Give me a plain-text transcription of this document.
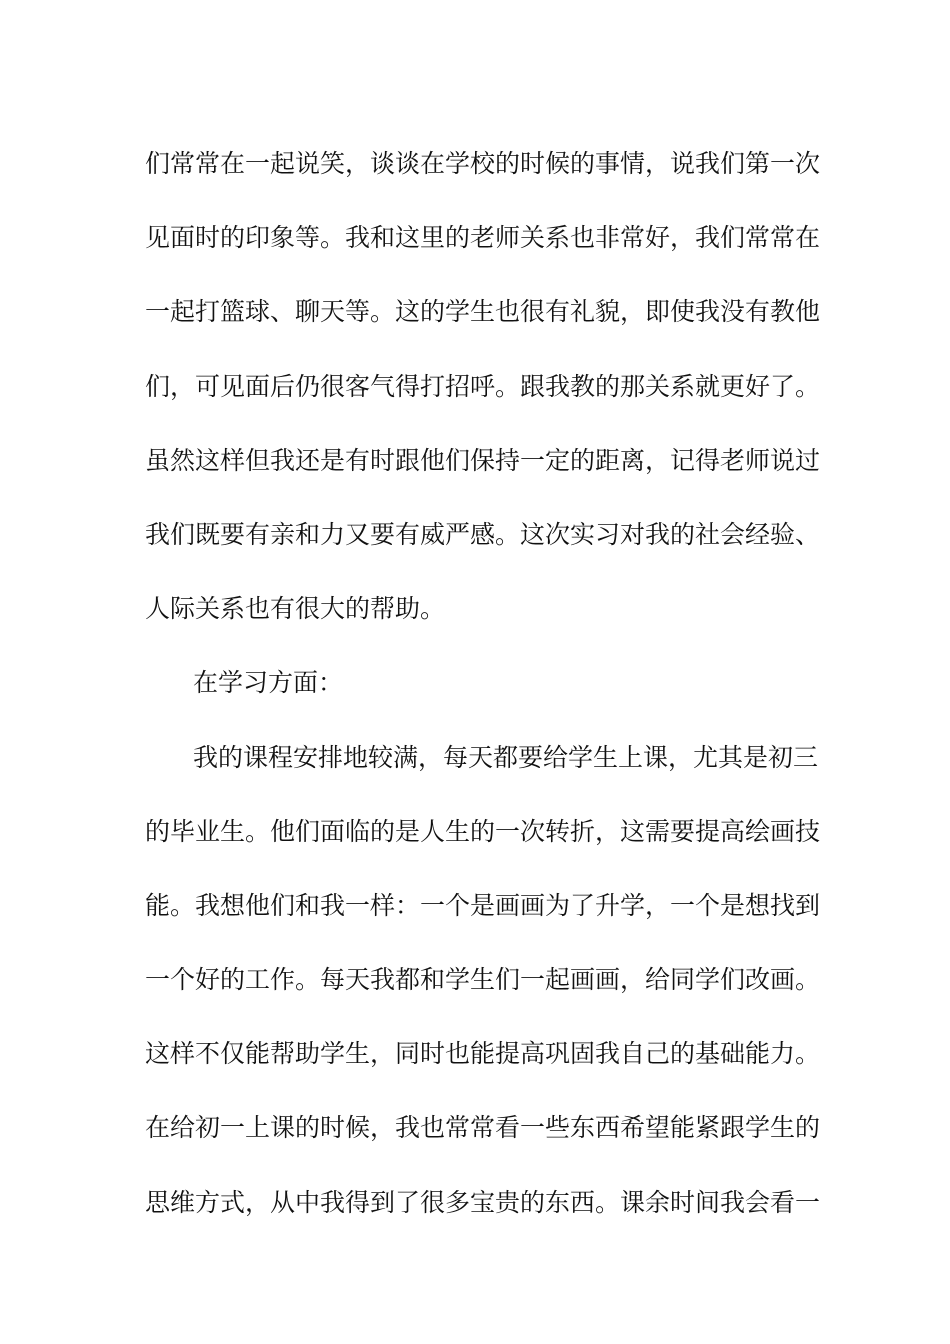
们常常在一起说笑，谈谈在学校的时候的事情，说我们第一次
见面时的印象等。我和这里的老师关系也非常好，我们常常在
一起打篮球、聊天等。这的学生也很有礼貌，即使我没有教他
们，可见面后仍很客气得打招呼。跟我教的那关系就更好了。
虽然这样但我还是有时跟他们保持一定的距离，记得老师说过
我们既要有亲和力又要有威严感。这次实习对我的社会经验、
人际关系也有很大的帮助。
在学习方面：
我的课程安排地较满，每天都要给学生上课，尤其是初三
的毕业生。他们面临的是人生的一次转折，这需要提高绘画技
能。我想他们和我一样：一个是画画为了升学，一个是想找到
一个好的工作。每天我都和学生们一起画画，给同学们改画。
这样不仅能帮助学生，同时也能提高巩固我自己的基础能力。
在给初一上课的时候，我也常常看一些东西希望能紧跟学生的
思维方式，从中我得到了很多宝贵的东西。课余时间我会看一
